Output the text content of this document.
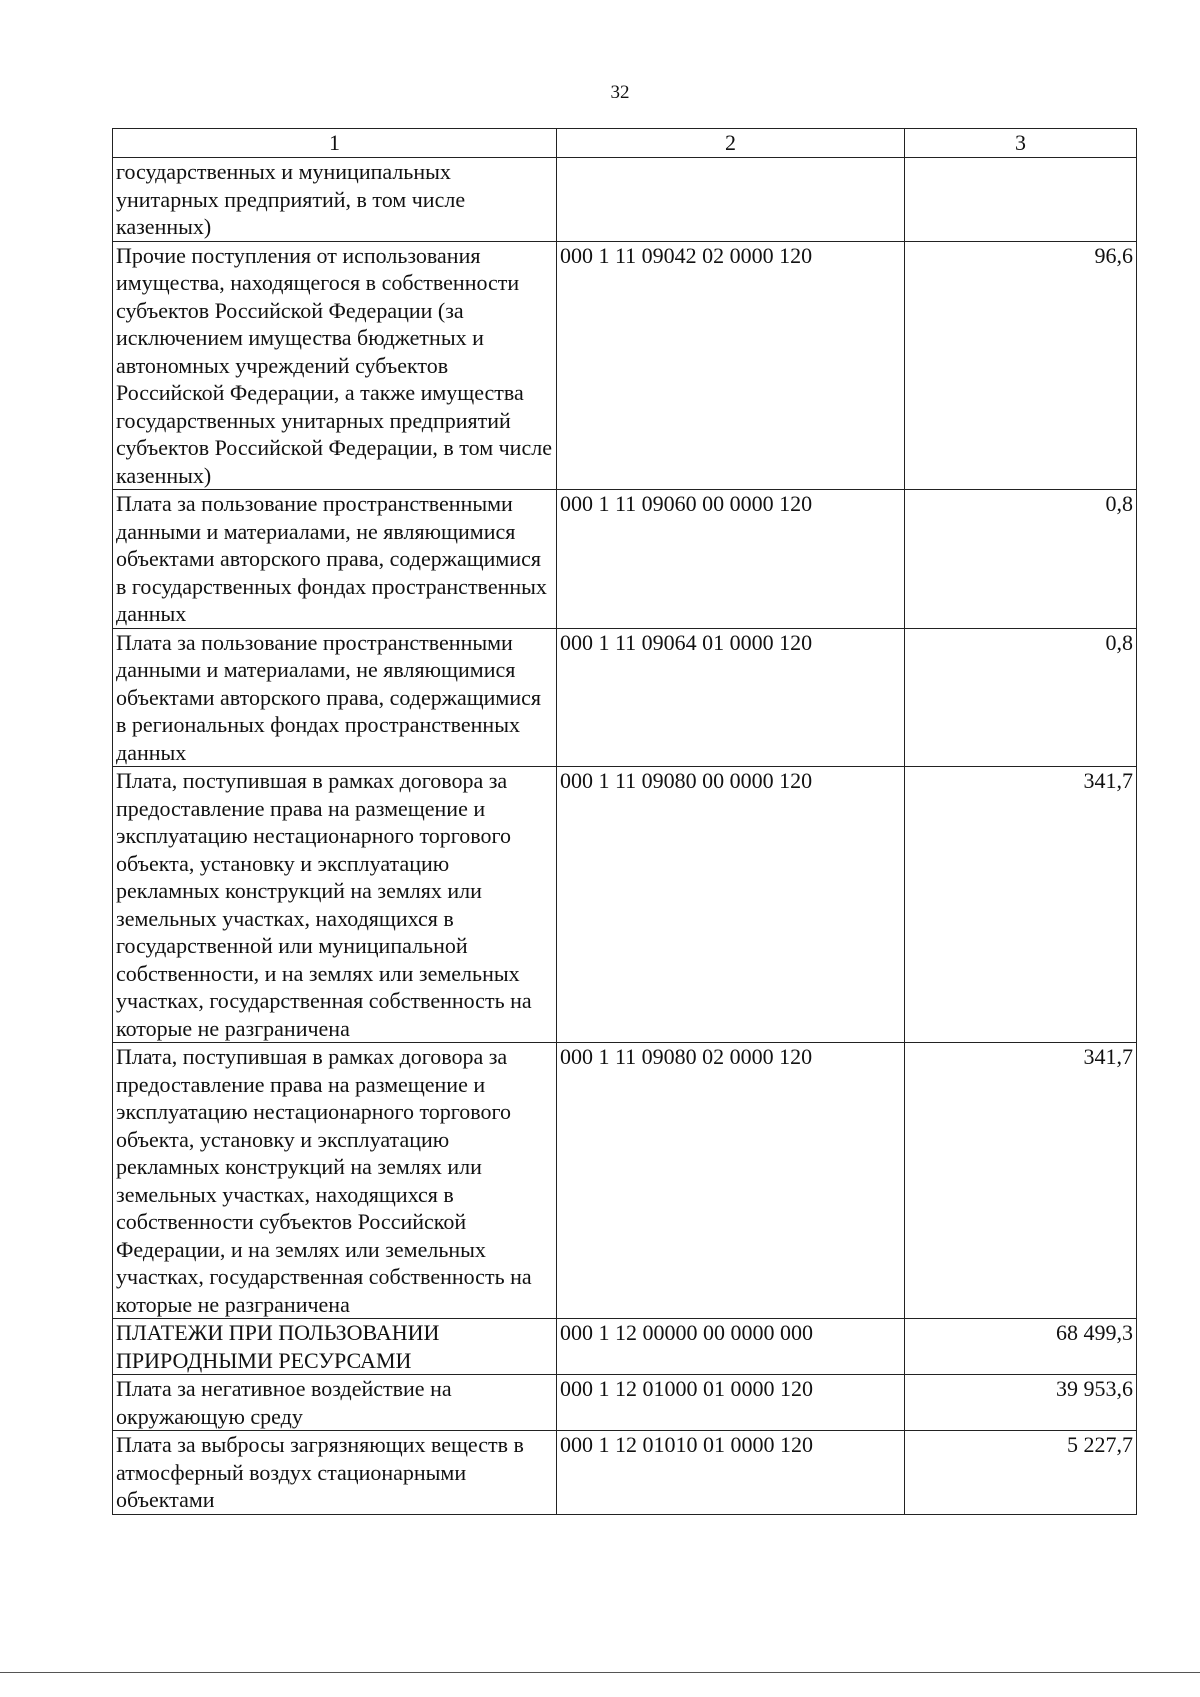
32
1	2	3
государственных и муниципальных унитарных предприятий, в том числе казенных)		
Прочие поступления от использования имущества, находящегося в собственности субъектов Российской Федерации (за исключением имущества бюджетных и автономных учреждений субъектов Российской Федерации, а также имущества государственных унитарных предприятий субъектов Российской Федерации, в том числе казенных)	000 1 11 09042 02 0000 120	96,6
Плата за пользование пространственными данными и материалами, не являющимися объектами авторского права, содержащимися в государственных фондах пространственных данных	000 1 11 09060 00 0000 120	0,8
Плата за пользование пространственными данными и материалами, не являющимися объектами авторского права, содержащимися в региональных фондах пространственных данных	000 1 11 09064 01 0000 120	0,8
Плата, поступившая в рамках договора за предоставление права на размещение и эксплуатацию нестационарного торгового объекта, установку и эксплуатацию рекламных конструкций на землях или земельных участках, находящихся в государственной или муниципальной собственности, и на землях или земельных участках, государственная собственность на которые не разграничена	000 1 11 09080 00 0000 120	341,7
Плата, поступившая в рамках договора за предоставление права на размещение и эксплуатацию нестационарного торгового объекта, установку и эксплуатацию рекламных конструкций на землях или земельных участках, находящихся в собственности субъектов Российской Федерации, и на землях или земельных участках, государственная собственность на которые не разграничена	000 1 11 09080 02 0000 120	341,7
ПЛАТЕЖИ ПРИ ПОЛЬЗОВАНИИ ПРИРОДНЫМИ РЕСУРСАМИ	000 1 12 00000 00 0000 000	68 499,3
Плата за негативное воздействие на окружающую среду	000 1 12 01000 01 0000 120	39 953,6
Плата за выбросы загрязняющих веществ в атмосферный воздух стационарными объектами	000 1 12 01010 01 0000 120	5 227,7
